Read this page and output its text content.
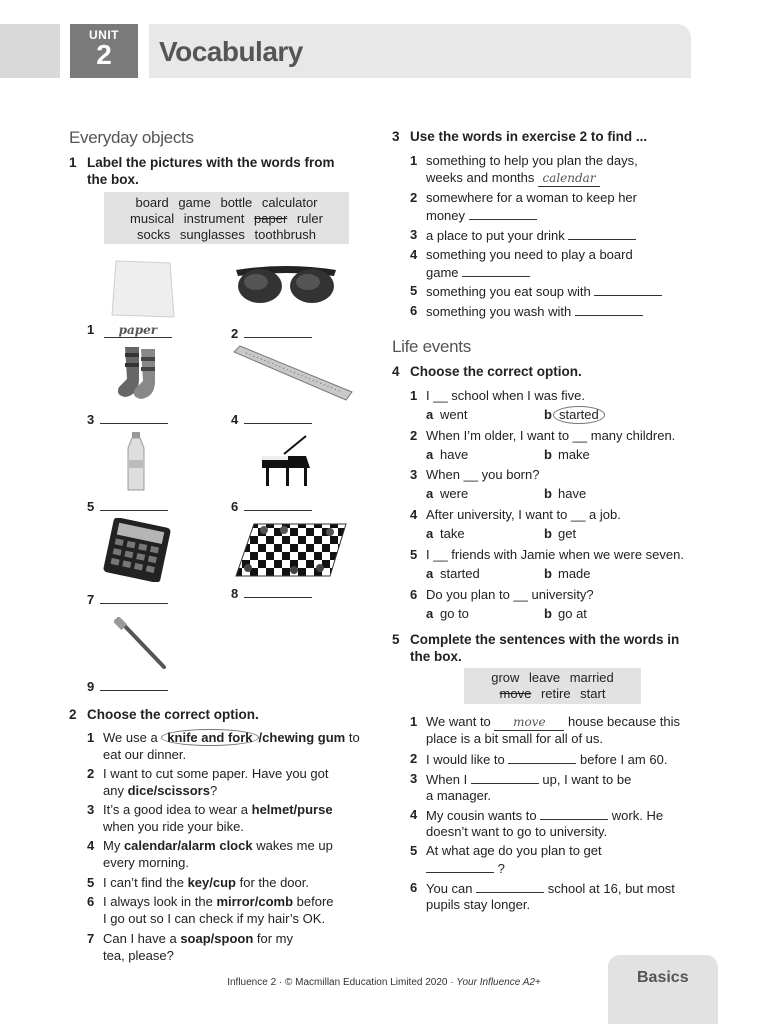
UNIT
2	Vocabulary
Everyday objects
1 Label the pictures with the words from
the box.
board game bottle calculator
musical instrument paper ruler
socks sunglasses toothbrush
1 paper	2
3	4
5	6
7	8
9
2 Choose the correct option.
1 We use a knife and fork /chewing gum to
eat our dinner.
2 I want to cut some paper. Have you got
any dice/scissors?
3 It’s a good idea to wear a helmet/purse
when you ride your bike.
4 My calendar/alarm clock wakes me up
every morning.
5 I can’t find the key/cup for the door.
6 I always look in the mirror/comb before
I go out so I can check if my hair’s OK.
7 Can I have a soap/spoon for my
tea, please?
3 Use the words in exercise 2 to find ...
1 something to help you plan the days,
weeks and months calendar
2 somewhere for a woman to keep her
money
3 a place to put your drink
4 something you need to play a board
game
5 something you eat soup with
6 something you wash with
Life events
4 Choose the correct option.
1 I __ school when I was five.
a went	b started
2 When I’m older, I want to __ many children.
a have	b make
3 When __ you born?
a were	b have
4 After university, I want to __ a job.
a take	b get
5 I __ friends with Jamie when we were seven.
a started	b made
6 Do you plan to __ university?
a go to	b go at
5 Complete the sentences with the words in
the box.
grow leave married
move retire start
1 We want to move house because this
place is a bit small for all of us.
2 I would like to	before I am 60.
3 When I	up, I want to be
a manager.
4 My cousin wants to	work. He
doesn’t want to go to university.
5 At what age do you plan to get
?
6 You can	school at 16, but most
pupils stay longer.
Influence 2 · © Macmillan Education Limited 2020 · Your Influence A2+	Basics
